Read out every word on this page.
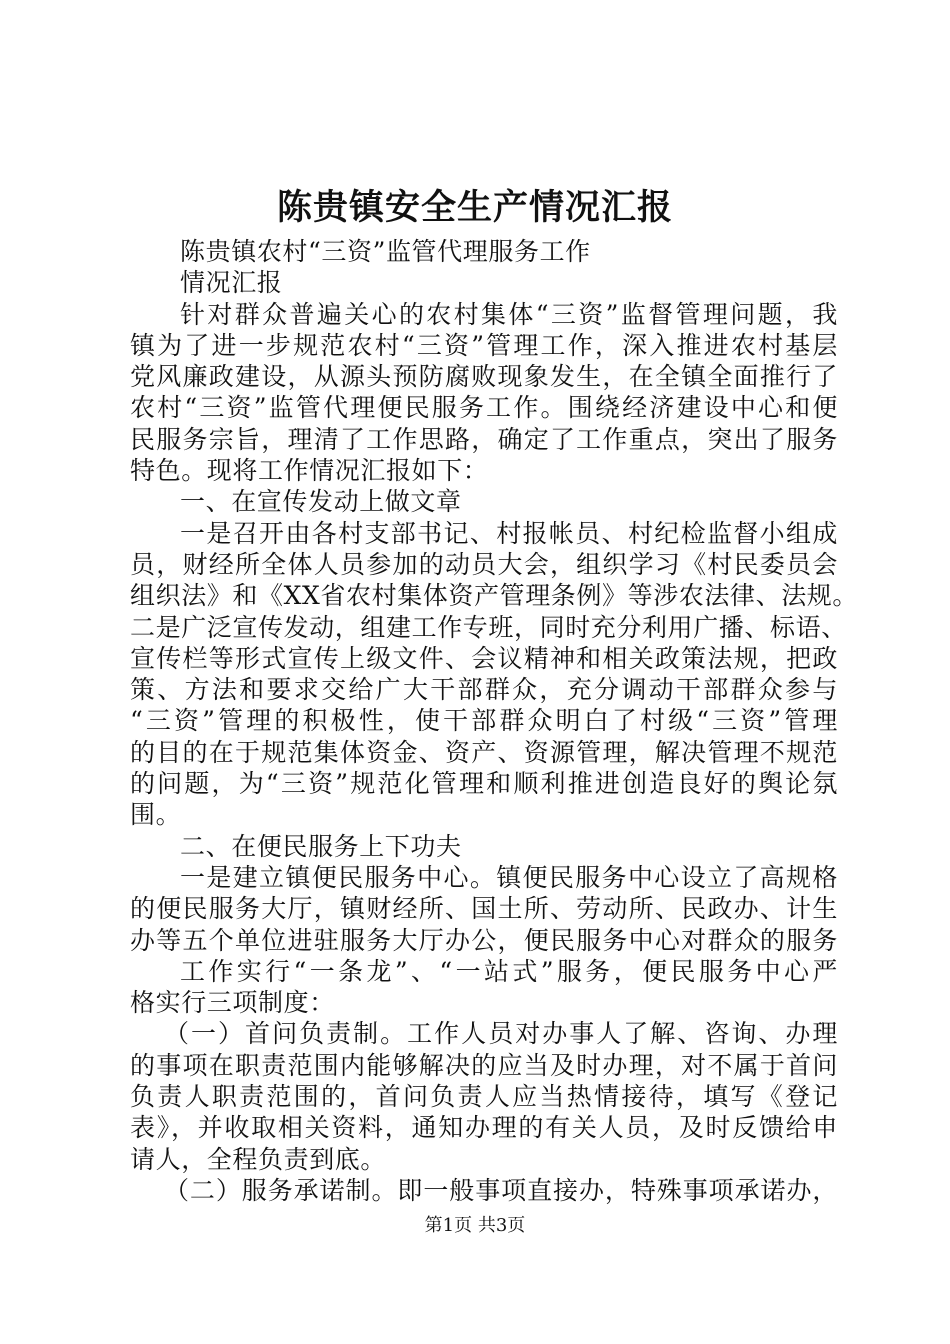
陈贵镇安全生产情况汇报
陈贵镇农村“三资”监管代理服务工作
情况汇报
针对群众普遍关心的农村集体“三资”监督管理问题，我
镇为了进一步规范农村“三资”管理工作，深入推进农村基层
党风廉政建设，从源头预防腐败现象发生，在全镇全面推行了
农村“三资”监管代理便民服务工作。围绕经济建设中心和便
民服务宗旨，理清了工作思路，确定了工作重点，突出了服务
特色。现将工作情况汇报如下：
一、在宣传发动上做文章
一是召开由各村支部书记、村报帐员、村纪检监督小组成
员，财经所全体人员参加的动员大会，组织学习《村民委员会
组织法》和《XX省农村集体资产管理条例》等涉农法律、法规。
二是广泛宣传发动，组建工作专班，同时充分利用广播、标语、
宣传栏等形式宣传上级文件、会议精神和相关政策法规，把政
策、方法和要求交给广大干部群众，充分调动干部群众参与
“三资”管理的积极性，使干部群众明白了村级“三资”管理
的目的在于规范集体资金、资产、资源管理，解决管理不规范
的问题，为“三资”规范化管理和顺利推进创造良好的舆论氛
围。
二、在便民服务上下功夫
一是建立镇便民服务中心。镇便民服务中心设立了高规格
的便民服务大厅，镇财经所、国土所、劳动所、民政办、计生
办等五个单位进驻服务大厅办公，便民服务中心对群众的服务
工作实行“一条龙”、“一站式”服务，便民服务中心严
格实行三项制度：
（一）首问负责制。工作人员对办事人了解、咨询、办理
的事项在职责范围内能够解决的应当及时办理，对不属于首问
负责人职责范围的，首问负责人应当热情接待，填写《登记
表》，并收取相关资料，通知办理的有关人员，及时反馈给申
请人，全程负责到底。
（二）服务承诺制。即一般事项直接办，特殊事项承诺办，

第1页 共3页
